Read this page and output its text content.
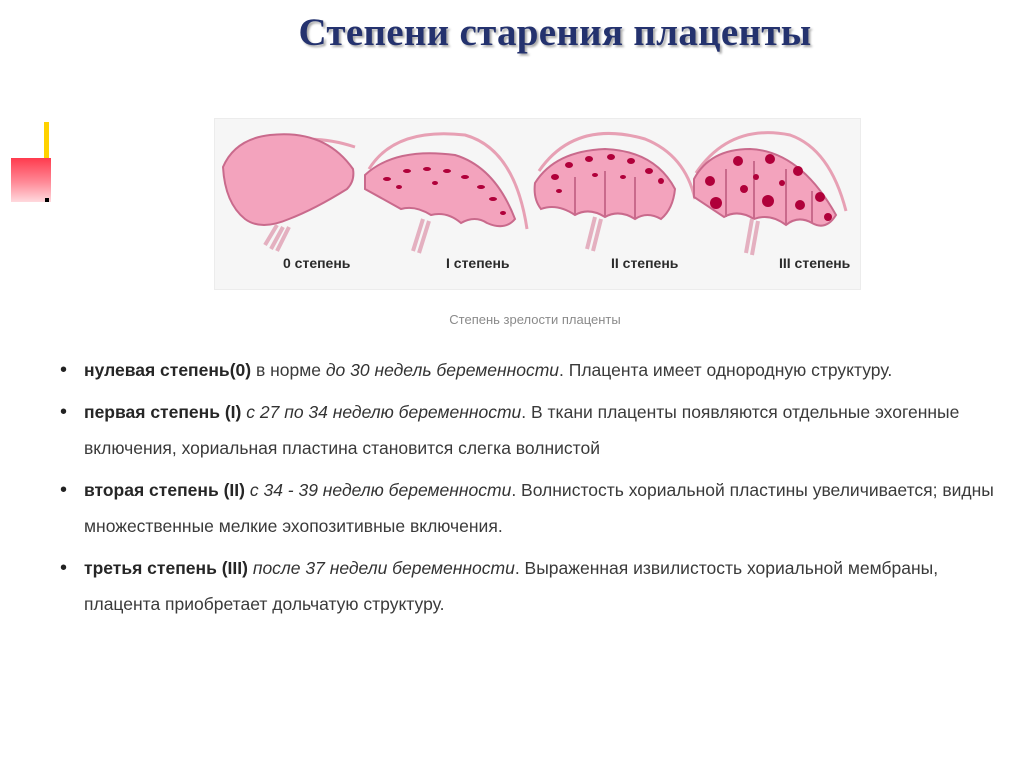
Степени старения плаценты
0 степень	I степень	II степень	III степень
Степень зрелости плаценты
• нулевая степень(0) в норме до 30 недель беременности. Плацента имеет однородную структуру.
• первая степень (I) с 27 по 34 неделю беременности. В ткани плаценты появляются отдельные эхогенные включения, хориальная пластина становится слегка волнистой
• вторая степень (II) с 34 - 39 неделю беременности. Волнистость хориальной пластины увеличивается; видны множественные мелкие эхопозитивные включения.
• третья степень (III) после 37 недели беременности. Выраженная извилистость хориальной мембраны, плацента приобретает дольчатую структуру.
